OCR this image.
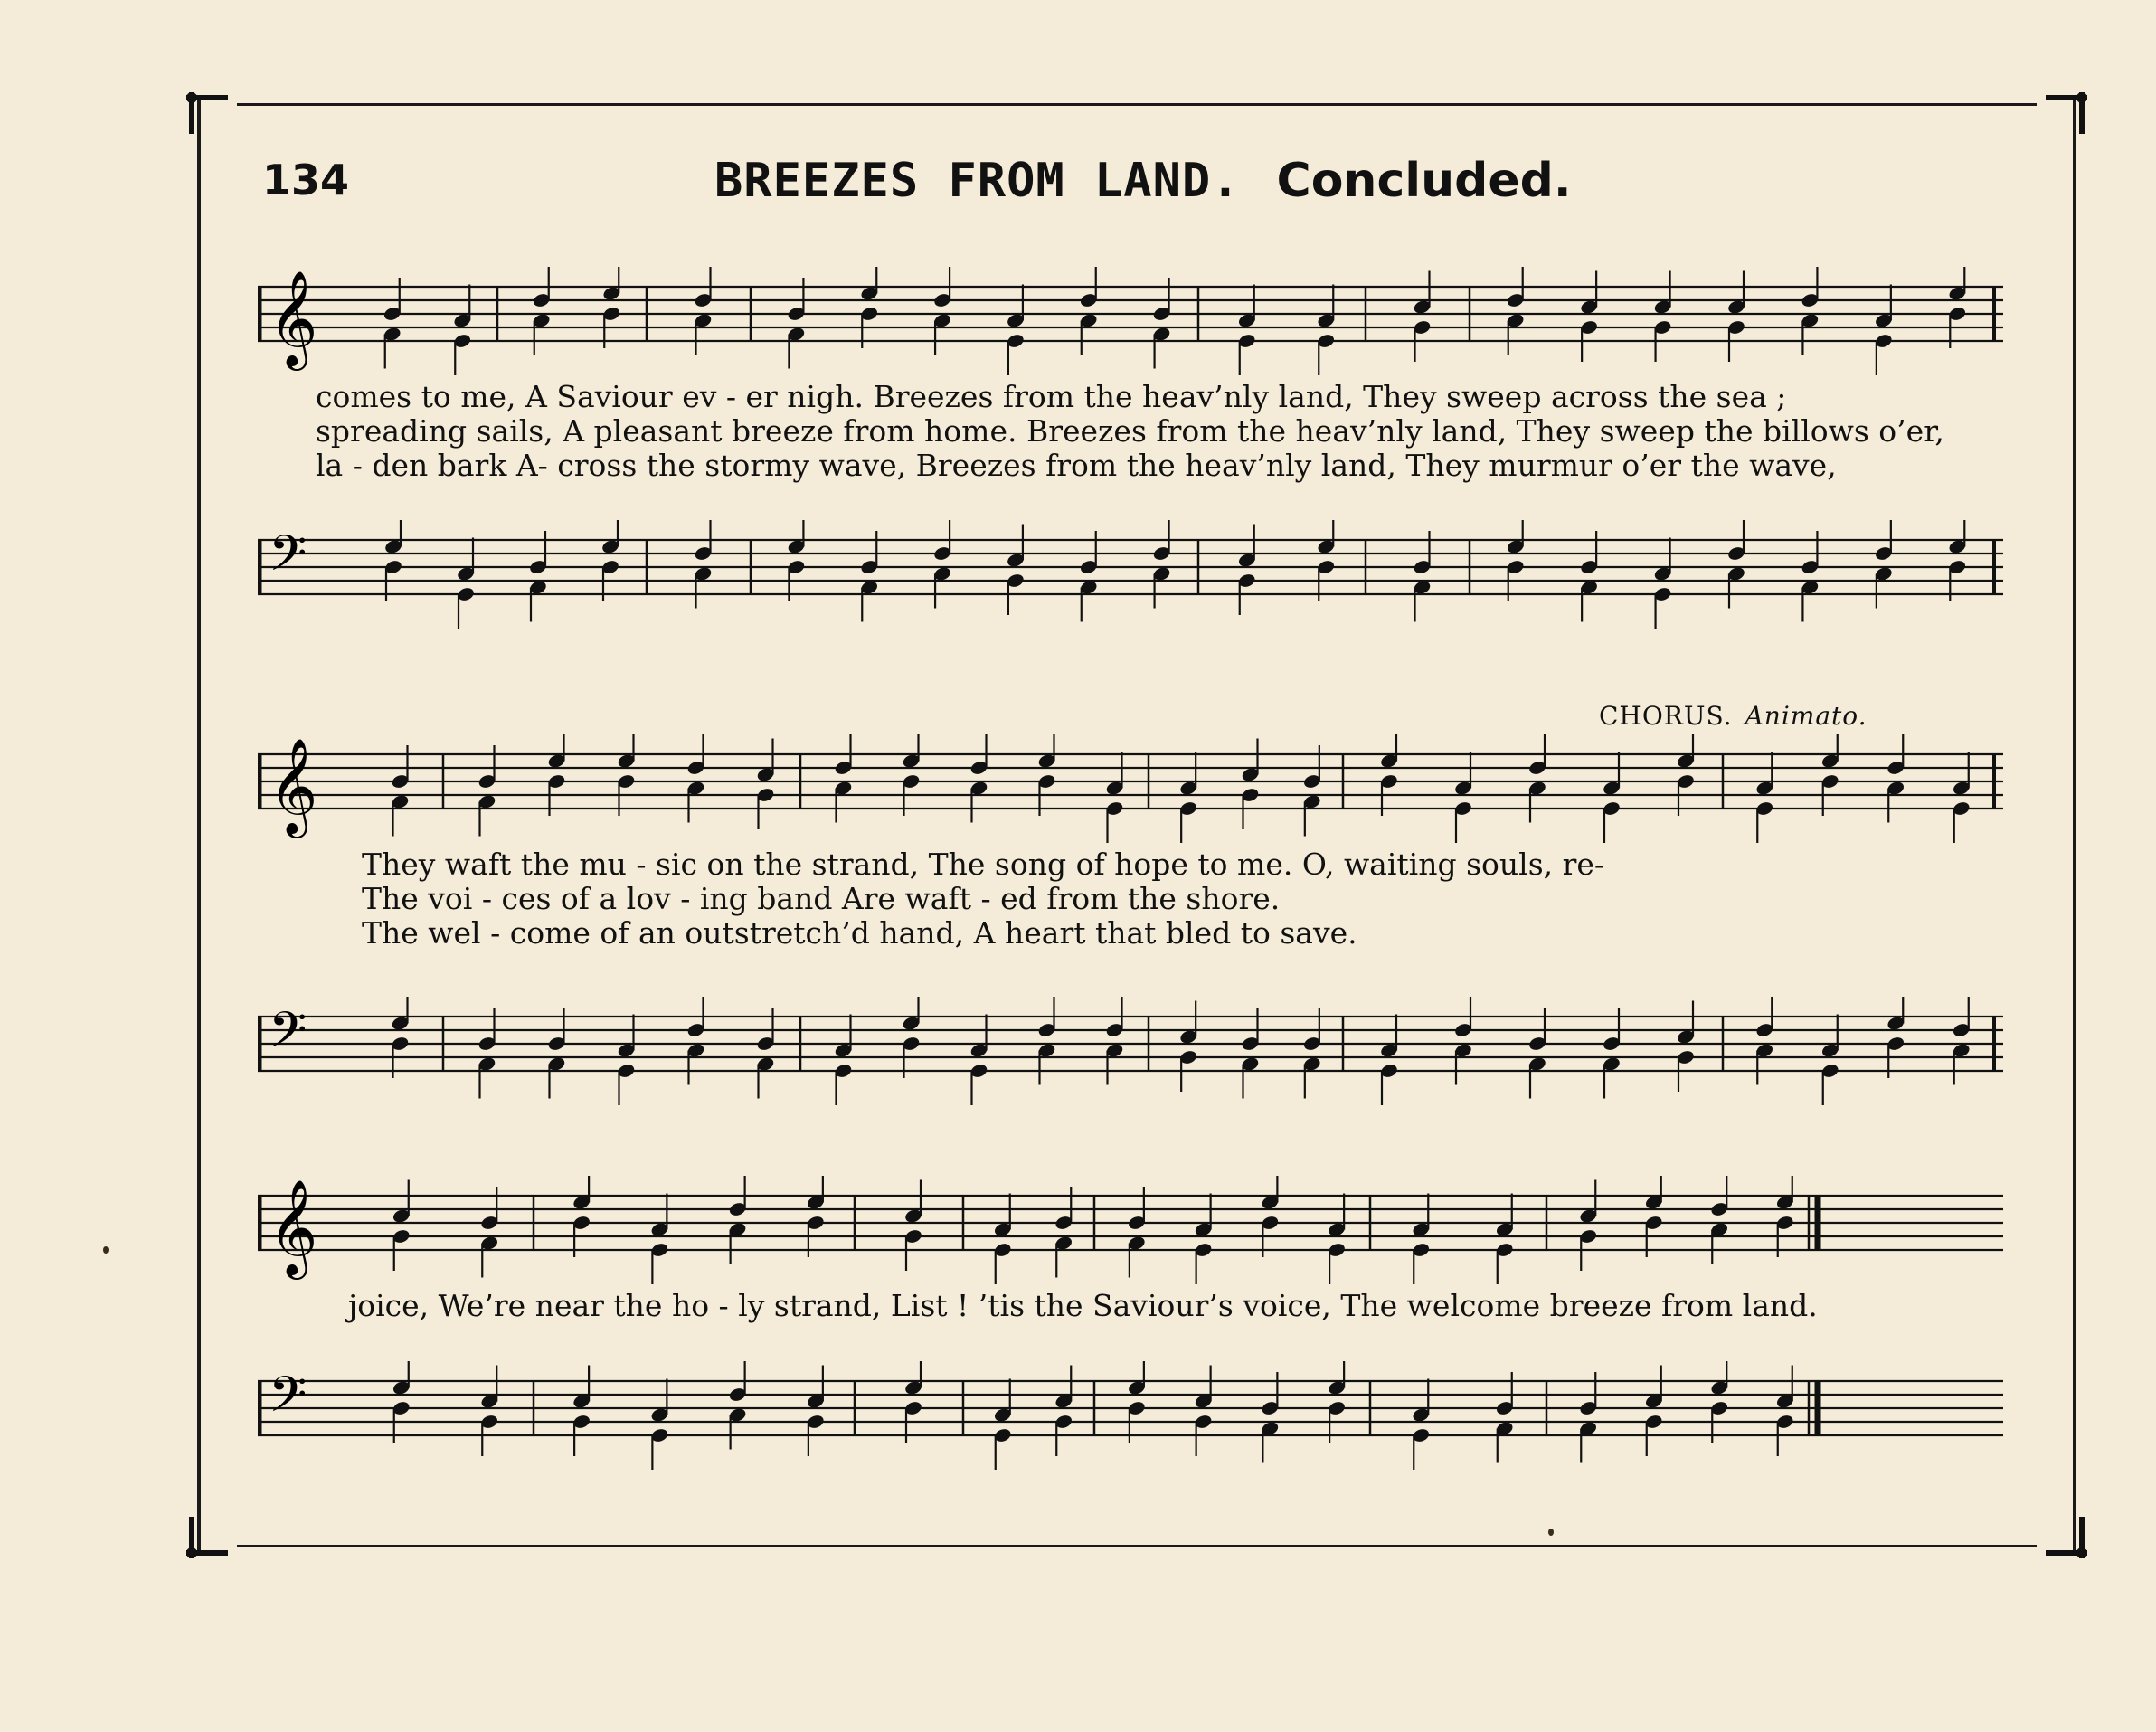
134	BREEZES FROM LAND. Concluded.
CHORUS. Animato.
𝄞
comes to me, A Saviour ev - er nigh. Breezes from the heav’nly land, They sweep across the sea ;
spreading sails, A pleasant breeze from home. Breezes from the heav’nly land, They sweep the billows o’er,
la - den bark A- cross the stormy wave, Breezes from the heav’nly land, They murmur o’er the wave,
𝄢
𝄞
They waft the mu - sic on the strand, The song of hope to me. O, waiting souls, re-
The voi - ces of a lov - ing band Are waft - ed from the shore.
The wel - come of an outstretch’d hand, A heart that bled to save.
𝄢
𝄞
joice, We’re near the ho - ly strand, List ! ’tis the Saviour’s voice, The welcome breeze from land.
𝄢
